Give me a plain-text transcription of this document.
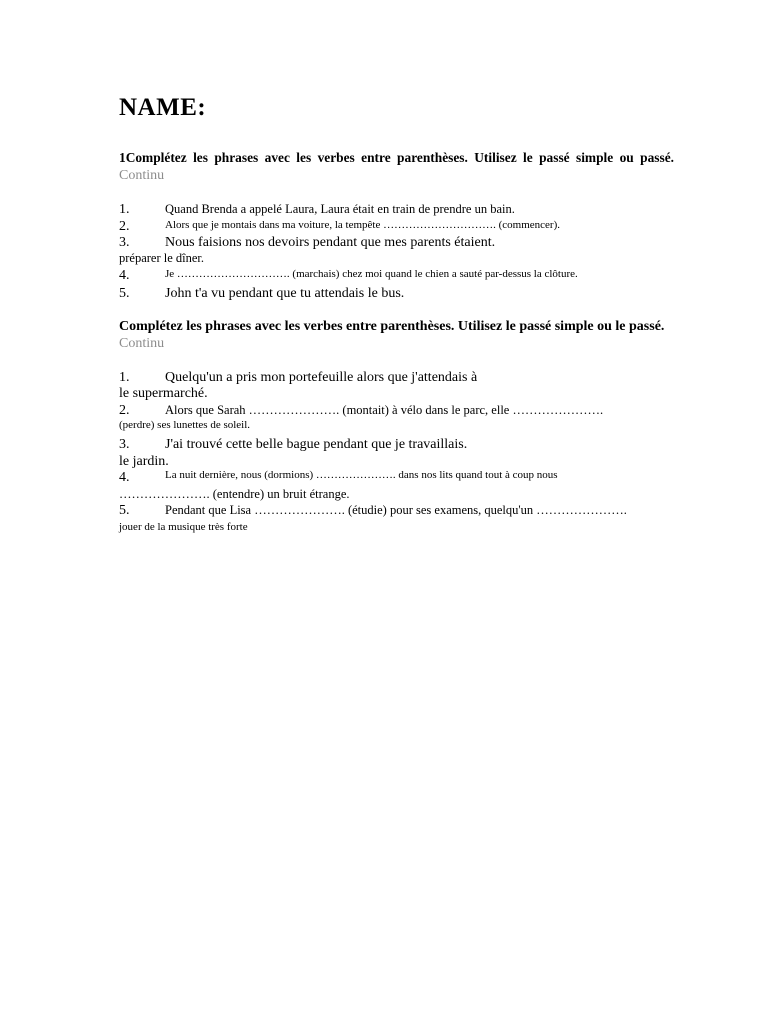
NAME:
1Complétez les phrases avec les verbes entre parenthèses. Utilisez le passé simple ou passé.
Continu
1.	Quand Brenda a appelé Laura, Laura était en train de prendre un bain.
2.	Alors que je montais dans ma voiture, la tempête …………………………. (commencer).
3.	Nous faisions nos devoirs pendant que mes parents étaient.
préparer le dîner.
4.	Je …………………………. (marchais) chez moi quand le chien a sauté par-dessus la clôture.
5.	John t'a vu pendant que tu attendais le bus.
Complétez les phrases avec les verbes entre parenthèses. Utilisez le passé simple ou le passé.
Continu
1.	Quelqu'un a pris mon portefeuille alors que j'attendais à
le supermarché.
2.	Alors que Sarah …………………. (montait) à vélo dans le parc, elle ………………….
(perdre) ses lunettes de soleil.
3.	J'ai trouvé cette belle bague pendant que je travaillais.
le jardin.
4.	La nuit dernière, nous (dormions) …………………. dans nos lits quand tout à coup nous
…………………. (entendre) un bruit étrange.
5.	Pendant que Lisa …………………. (étudie) pour ses examens, quelqu'un ………………….
jouer de la musique très forte
